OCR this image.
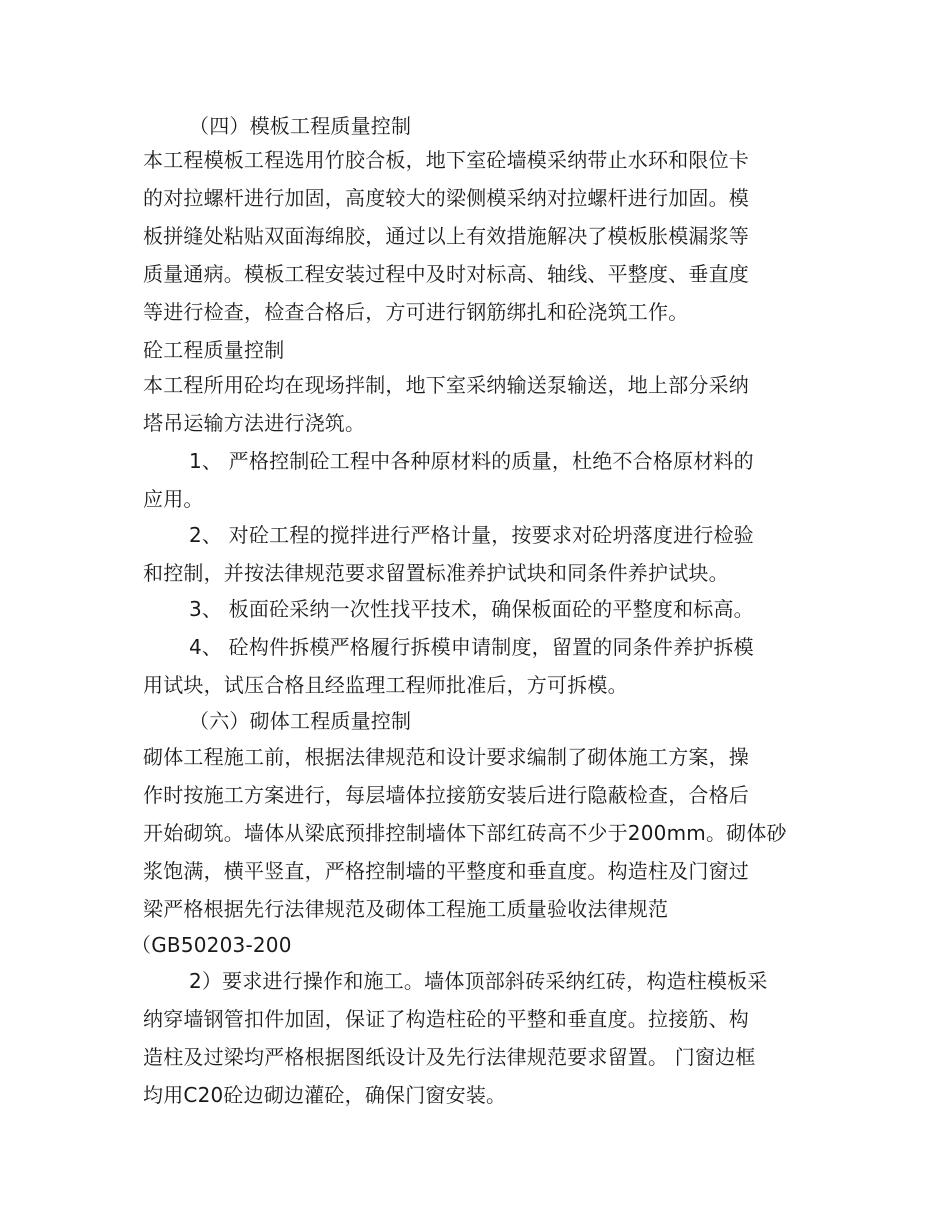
（四）模板工程质量控制
本工程模板工程选用竹胶合板，地下室砼墙模采纳带止水环和限位卡
的对拉螺杆进行加固，高度较大的梁侧模采纳对拉螺杆进行加固。模
板拼缝处粘贴双面海绵胶，通过以上有效措施解决了模板胀模漏浆等
质量通病。模板工程安装过程中及时对标高、轴线、平整度、垂直度
等进行检查，检查合格后，方可进行钢筋绑扎和砼浇筑工作。
砼工程质量控制
本工程所用砼均在现场拌制，地下室采纳输送泵输送，地上部分采纳
塔吊运输方法进行浇筑。
1、 严格控制砼工程中各种原材料的质量，杜绝不合格原材料的
应用。
2、 对砼工程的搅拌进行严格计量，按要求对砼坍落度进行检验
和控制，并按法律规范要求留置标准养护试块和同条件养护试块。
3、 板面砼采纳一次性找平技术，确保板面砼的平整度和标高。
4、 砼构件拆模严格履行拆模申请制度，留置的同条件养护拆模
用试块，试压合格且经监理工程师批准后，方可拆模。
（六）砌体工程质量控制
砌体工程施工前，根据法律规范和设计要求编制了砌体施工方案，操
作时按施工方案进行，每层墙体拉接筋安装后进行隐蔽检查，合格后
开始砌筑。墙体从梁底预排控制墙体下部红砖高不少于200mm。砌体砂
浆饱满，横平竖直，严格控制墙的平整度和垂直度。构造柱及门窗过
梁严格根据先行法律规范及砌体工程施工质量验收法律规范
（GB50203-200
2）要求进行操作和施工。墙体顶部斜砖采纳红砖，构造柱模板采
纳穿墙钢管扣件加固，保证了构造柱砼的平整和垂直度。拉接筋、构
造柱及过梁均严格根据图纸设计及先行法律规范要求留置。 门窗边框
均用C20砼边砌边灌砼，确保门窗安装。
